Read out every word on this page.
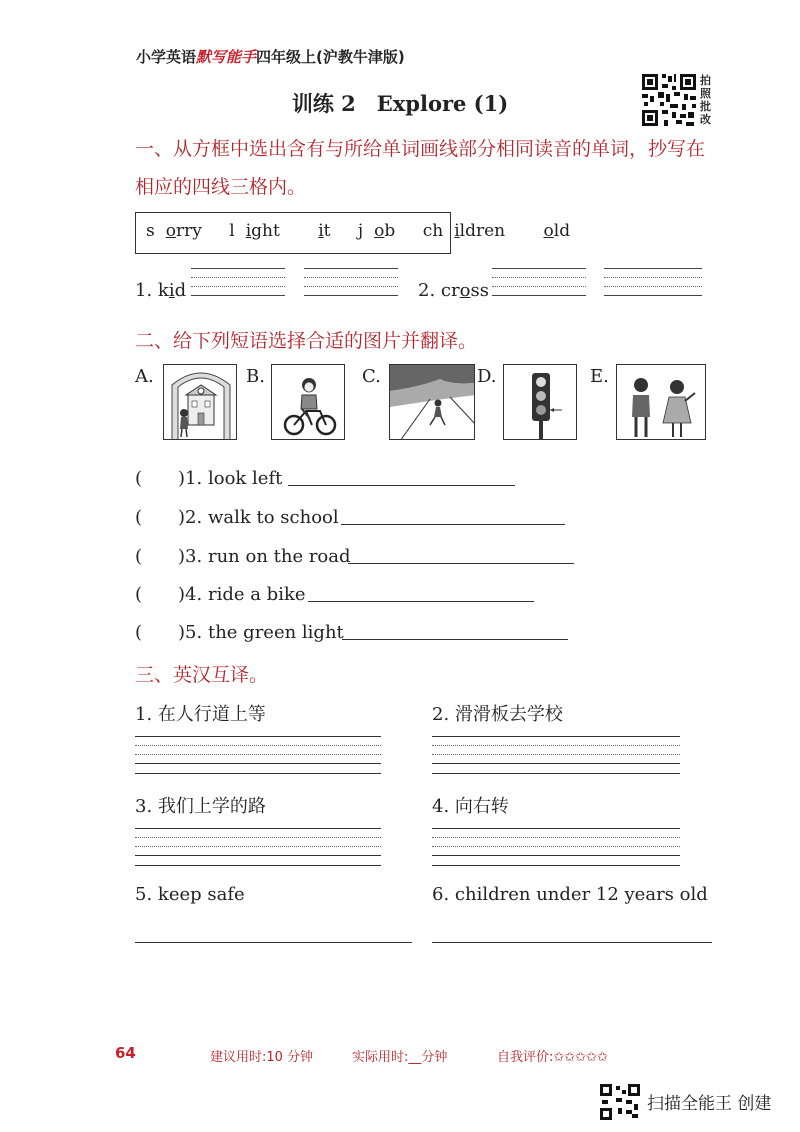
小学英语默写能手四年级上(沪教牛津版)
拍
照
批
改
训练 2　Explore (1)
一、从方框中选出含有与所给单词画线部分相同读音的单词，抄写在
相应的四线三格内。
s orry l ight it j ob ch ildren old
1. kid	2. cross
二、给下列短语选择合适的图片并翻译。
A.	B.	C.	D.	E.
(　　)1. look left
(　　)2. walk to school
(　　)3. run on the road
(　　)4. ride a bike
(　　)5. the green light
三、英汉互译。
1. 在人行道上等	2. 滑滑板去学校
3. 我们上学的路	4. 向右转
5. keep safe	6. children under 12 years old
64	建议用时:10 分钟	实际用时:__分钟	自我评价:✩✩✩✩✩
扫描全能王 创建
